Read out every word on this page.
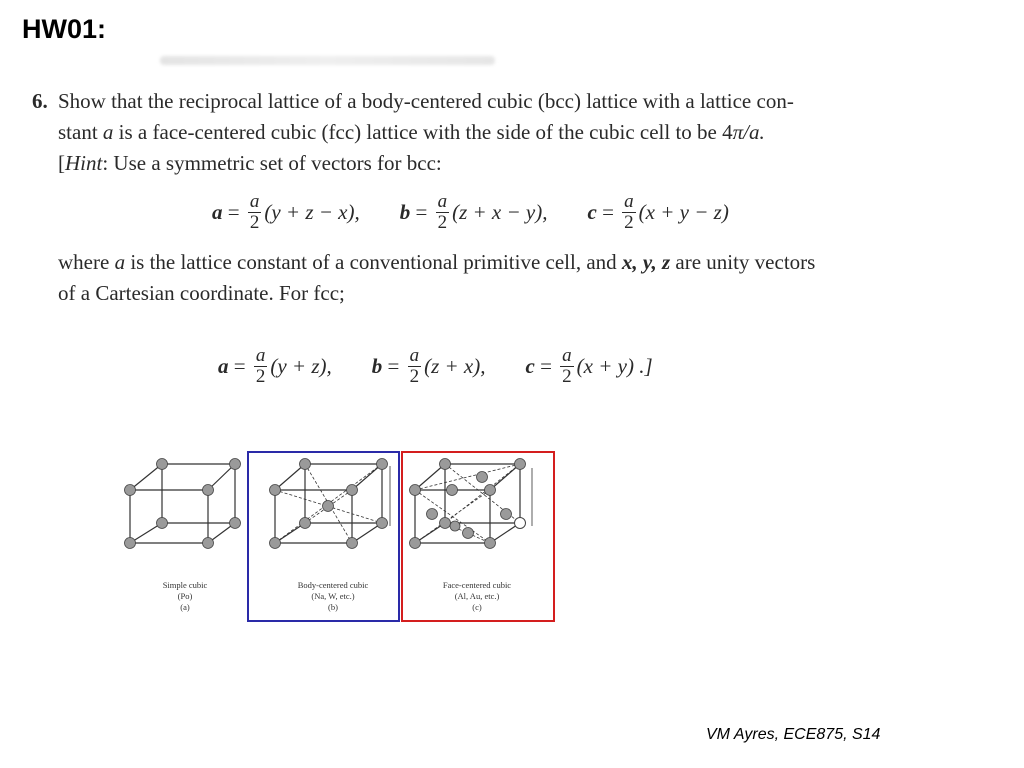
HW01:
6. Show that the reciprocal lattice of a body-centered cubic (bcc) lattice with a lattice con-
stant a is a face-centered cubic (fcc) lattice with the side of the cubic cell to be 4π/a.
[Hint: Use a symmetric set of vectors for bcc:
$a = \frac{a}{2} (y + z - x)$, $b = \frac{a}{2} (z + x - y)$, $c = \frac{a}{2} (x + y - z)$
where a is the lattice constant of a conventional primitive cell, and x, y, z are unity vectors
of a Cartesian coordinate. For fcc;
$a = \frac{a}{2} (y + z)$, $b = \frac{a}{2} (z + x)$, $c = \frac{a}{2} (x + y)$ .]
Simple cubic
(Po)
(a)
Body-centered cubic
(Na, W, etc.)
(b)
Face-centered cubic
(Al, Au, etc.)
(c)
VM Ayres, ECE875, S14
